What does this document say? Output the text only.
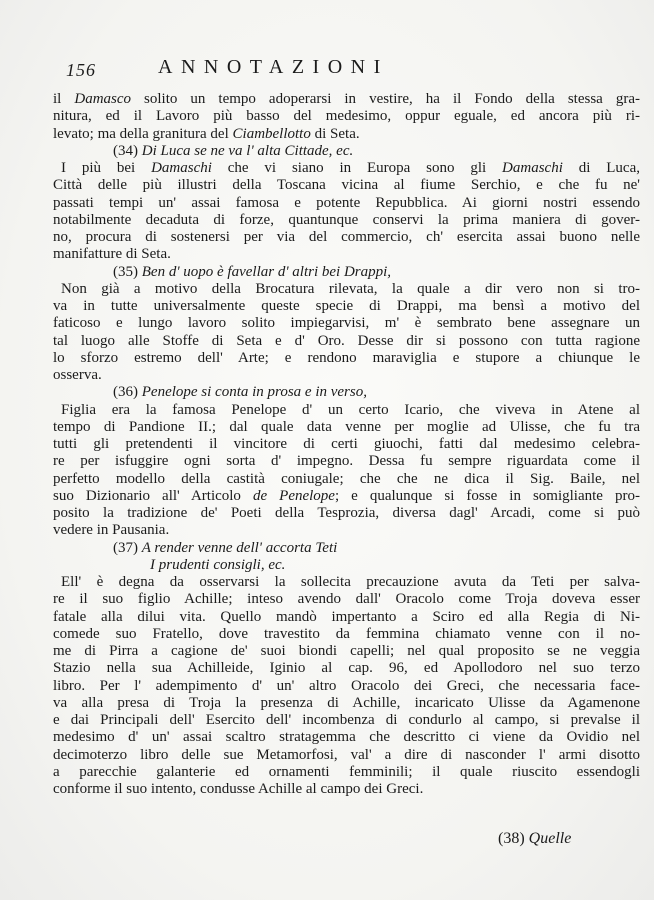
156	ANNOTAZIONI
il Damasco solito un tempo adoperarsi in vestire, ha il Fondo della stessa gra-
nitura, ed il Lavoro più basso del medesimo, oppur eguale, ed ancora più ri-
levato; ma della granitura del Ciambellotto di Seta.
(34) Di Luca se ne va l' alta Cittade, ec.
I più bei Damaschi che vi siano in Europa sono gli Damaschi di Luca,
Città delle più illustri della Toscana vicina al fiume Serchio, e che fu ne'
passati tempi un' assai famosa e potente Repubblica. Ai giorni nostri essendo
notabilmente decaduta di forze, quantunque conservi la prima maniera di gover-
no, procura di sostenersi per via del commercio, ch' esercita assai buono nelle
manifatture di Seta.
(35) Ben d' uopo è favellar d' altri bei Drappi,
Non già a motivo della Brocatura rilevata, la quale a dir vero non si tro-
va in tutte universalmente queste specie di Drappi, ma bensì a motivo del
faticoso e lungo lavoro solito impiegarvisi, m' è sembrato bene assegnare un
tal luogo alle Stoffe di Seta e d' Oro. Desse dir si possono con tutta ragione
lo sforzo estremo dell' Arte; e rendono maraviglia e stupore a chiunque le
osserva.
(36) Penelope si conta in prosa e in verso,
Figlia era la famosa Penelope d' un certo Icario, che viveva in Atene al
tempo di Pandione II.; dal quale data venne per moglie ad Ulisse, che fu tra
tutti gli pretendenti il vincitore di certi giuochi, fatti dal medesimo celebra-
re per isfuggire ogni sorta d' impegno. Dessa fu sempre riguardata come il
perfetto modello della castità coniugale; che che ne dica il Sig. Baile, nel
suo Dizionario all' Articolo de Penelope; e qualunque si fosse in somigliante pro-
posito la tradizione de' Poeti della Tesprozia, diversa dagl' Arcadi, come si può
vedere in Pausania.
(37) A render venne dell' accorta Teti
I prudenti consigli, ec.
Ell' è degna da osservarsi la sollecita precauzione avuta da Teti per salva-
re il suo figlio Achille; inteso avendo dall' Oracolo come Troja doveva esser
fatale alla dilui vita. Quello mandò impertanto a Sciro ed alla Regia di Ni-
comede suo Fratello, dove travestito da femmina chiamato venne con il no-
me di Pirra a cagione de' suoi biondi capelli; nel qual proposito se ne veggia
Stazio nella sua Achilleide, Iginio al cap. 96, ed Apollodoro nel suo terzo
libro. Per l' adempimento d' un' altro Oracolo dei Greci, che necessaria face-
va alla presa di Troja la presenza di Achille, incaricato Ulisse da Agamenone
e dai Principali dell' Esercito dell' incombenza di condurlo al campo, si prevalse il
medesimo d' un' assai scaltro stratagemma che descritto ci viene da Ovidio nel
decimoterzo libro delle sue Metamorfosi, val' a dire di nasconder l' armi disotto
a parecchie galanterie ed ornamenti femminili; il quale riuscito essendogli
conforme il suo intento, condusse Achille al campo dei Greci.
(38) Quelle
